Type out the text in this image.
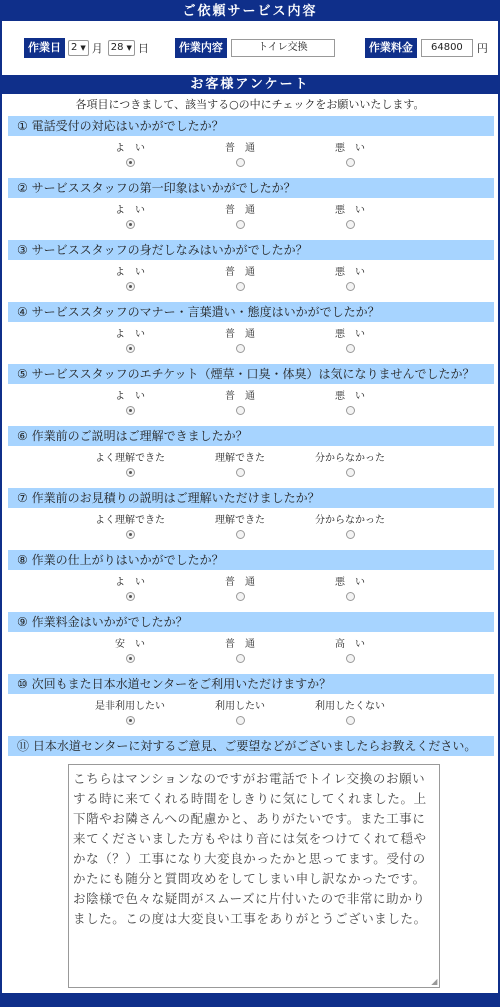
ご依頼サービス内容
作業日	2 ▼ 月 28 ▼ 日	作業内容	トイレ交換	作業料金	64800	円
お客様アンケート
各項目につきまして、該当する○の中にチェックをお願いいたします。
① 電話受付の対応はいかがでしたか？
よ　い	普　通	悪　い
② サービススタッフの第一印象はいかがでしたか？
よ　い	普　通	悪　い
③ サービススタッフの身だしなみはいかがでしたか？
よ　い	普　通	悪　い
④ サービススタッフのマナー・言葉遣い・態度はいかがでしたか？
よ　い	普　通	悪　い
⑤ サービススタッフのエチケット（煙草・口臭・体臭）は気になりませんでしたか？
よ　い	普　通	悪　い
⑥ 作業前のご説明はご理解できましたか？
よく理解できた	理解できた	分からなかった
⑦ 作業前のお見積りの説明はご理解いただけましたか？
よく理解できた	理解できた	分からなかった
⑧ 作業の仕上がりはいかがでしたか？
よ　い	普　通	悪　い
⑨ 作業料金はいかがでしたか？
安　い	普　通	高　い
⑩ 次回もまた日本水道センターをご利用いただけますか？
是非利用したい	利用したい	利用したくない
⑪ 日本水道センターに対するご意見、ご要望などがございましたらお教えください。
こちらはマンションなのですがお電話でトイレ交換のお願いする時に来てくれる時間をしきりに気にしてくれました。上下階やお隣さんへの配慮かと、ありがたいです。また工事に来てくださいました方もやはり音には気をつけてくれて穏やかな（？）工事になり大変良かったかと思ってます。受付のかたにも随分と質問攻めをしてしまい申し訳なかったです。お陰様で色々な疑問がスムーズに片付いたので非常に助かりました。この度は大変良い工事をありがとうございました。
◢
